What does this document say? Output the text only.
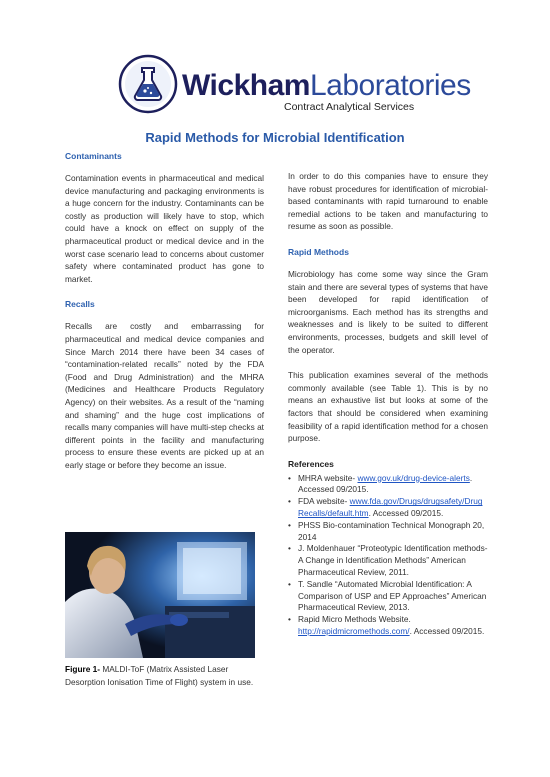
WickhamLaboratories
Contract Analytical Services
Rapid Methods for Microbial Identification
Contaminants

Contamination events in pharmaceutical and medical device manufacturing and packaging environments is a huge concern for the industry. Contaminants can be costly as production will likely have to stop, which could have a knock on effect on supply of the pharmaceutical product or medical device and in the worst case scenario lead to concerns about customer safety where contaminated product has gone to market.

Recalls

Recalls are costly and embarrassing for pharmaceutical and medical device companies and Since March 2014 there have been 34 cases of “contamination-related recalls” noted by the FDA (Food and Drug Administration) and the MHRA (Medicines and Healthcare Products Regulatory Agency) on their websites. As a result of the “naming and shaming” and the huge cost implications of recalls many companies will have multi-step checks at different points in the facility and manufacturing process to ensure these events are picked up at an early stage or before they become an issue.

Figure 1- MALDI-ToF (Matrix Assisted Laser Desorption Ionisation Time of Flight) system in use.

In order to do this companies have to ensure they have robust procedures for identification of microbial-based contaminants with rapid turnaround to enable remedial actions to be taken and manufacturing to resume as soon as possible.

Rapid Methods

Microbiology has come some way since the Gram stain and there are several types of systems that have been developed for rapid identification of microorganisms. Each method has its strengths and weaknesses and is likely to be suited to different environments, processes, budgets and skill level of the operator.

This publication examines several of the methods commonly available (see Table 1). This is by no means an exhaustive list but looks at some of the factors that should be considered when examining feasibility of a rapid identification method for a chosen purpose.

References
• MHRA website- www.gov.uk/drug-device-alerts. Accessed 09/2015.
• FDA website- www.fda.gov/Drugs/drugsafety/DrugRecalls/default.htm. Accessed 09/2015.
• PHSS Bio-contamination Technical Monograph 20, 2014
• J. Moldenhauer “Proteotypic Identification methods- A Change in Identification Methods” American Pharmaceutical Review, 2011.
• T. Sandle “Automated Microbial Identification: A Comparison of USP and EP Approaches” American Pharmaceutical Review, 2013.
• Rapid Micro Methods Website. http://rapidmicromethods.com/. Accessed 09/2015.
